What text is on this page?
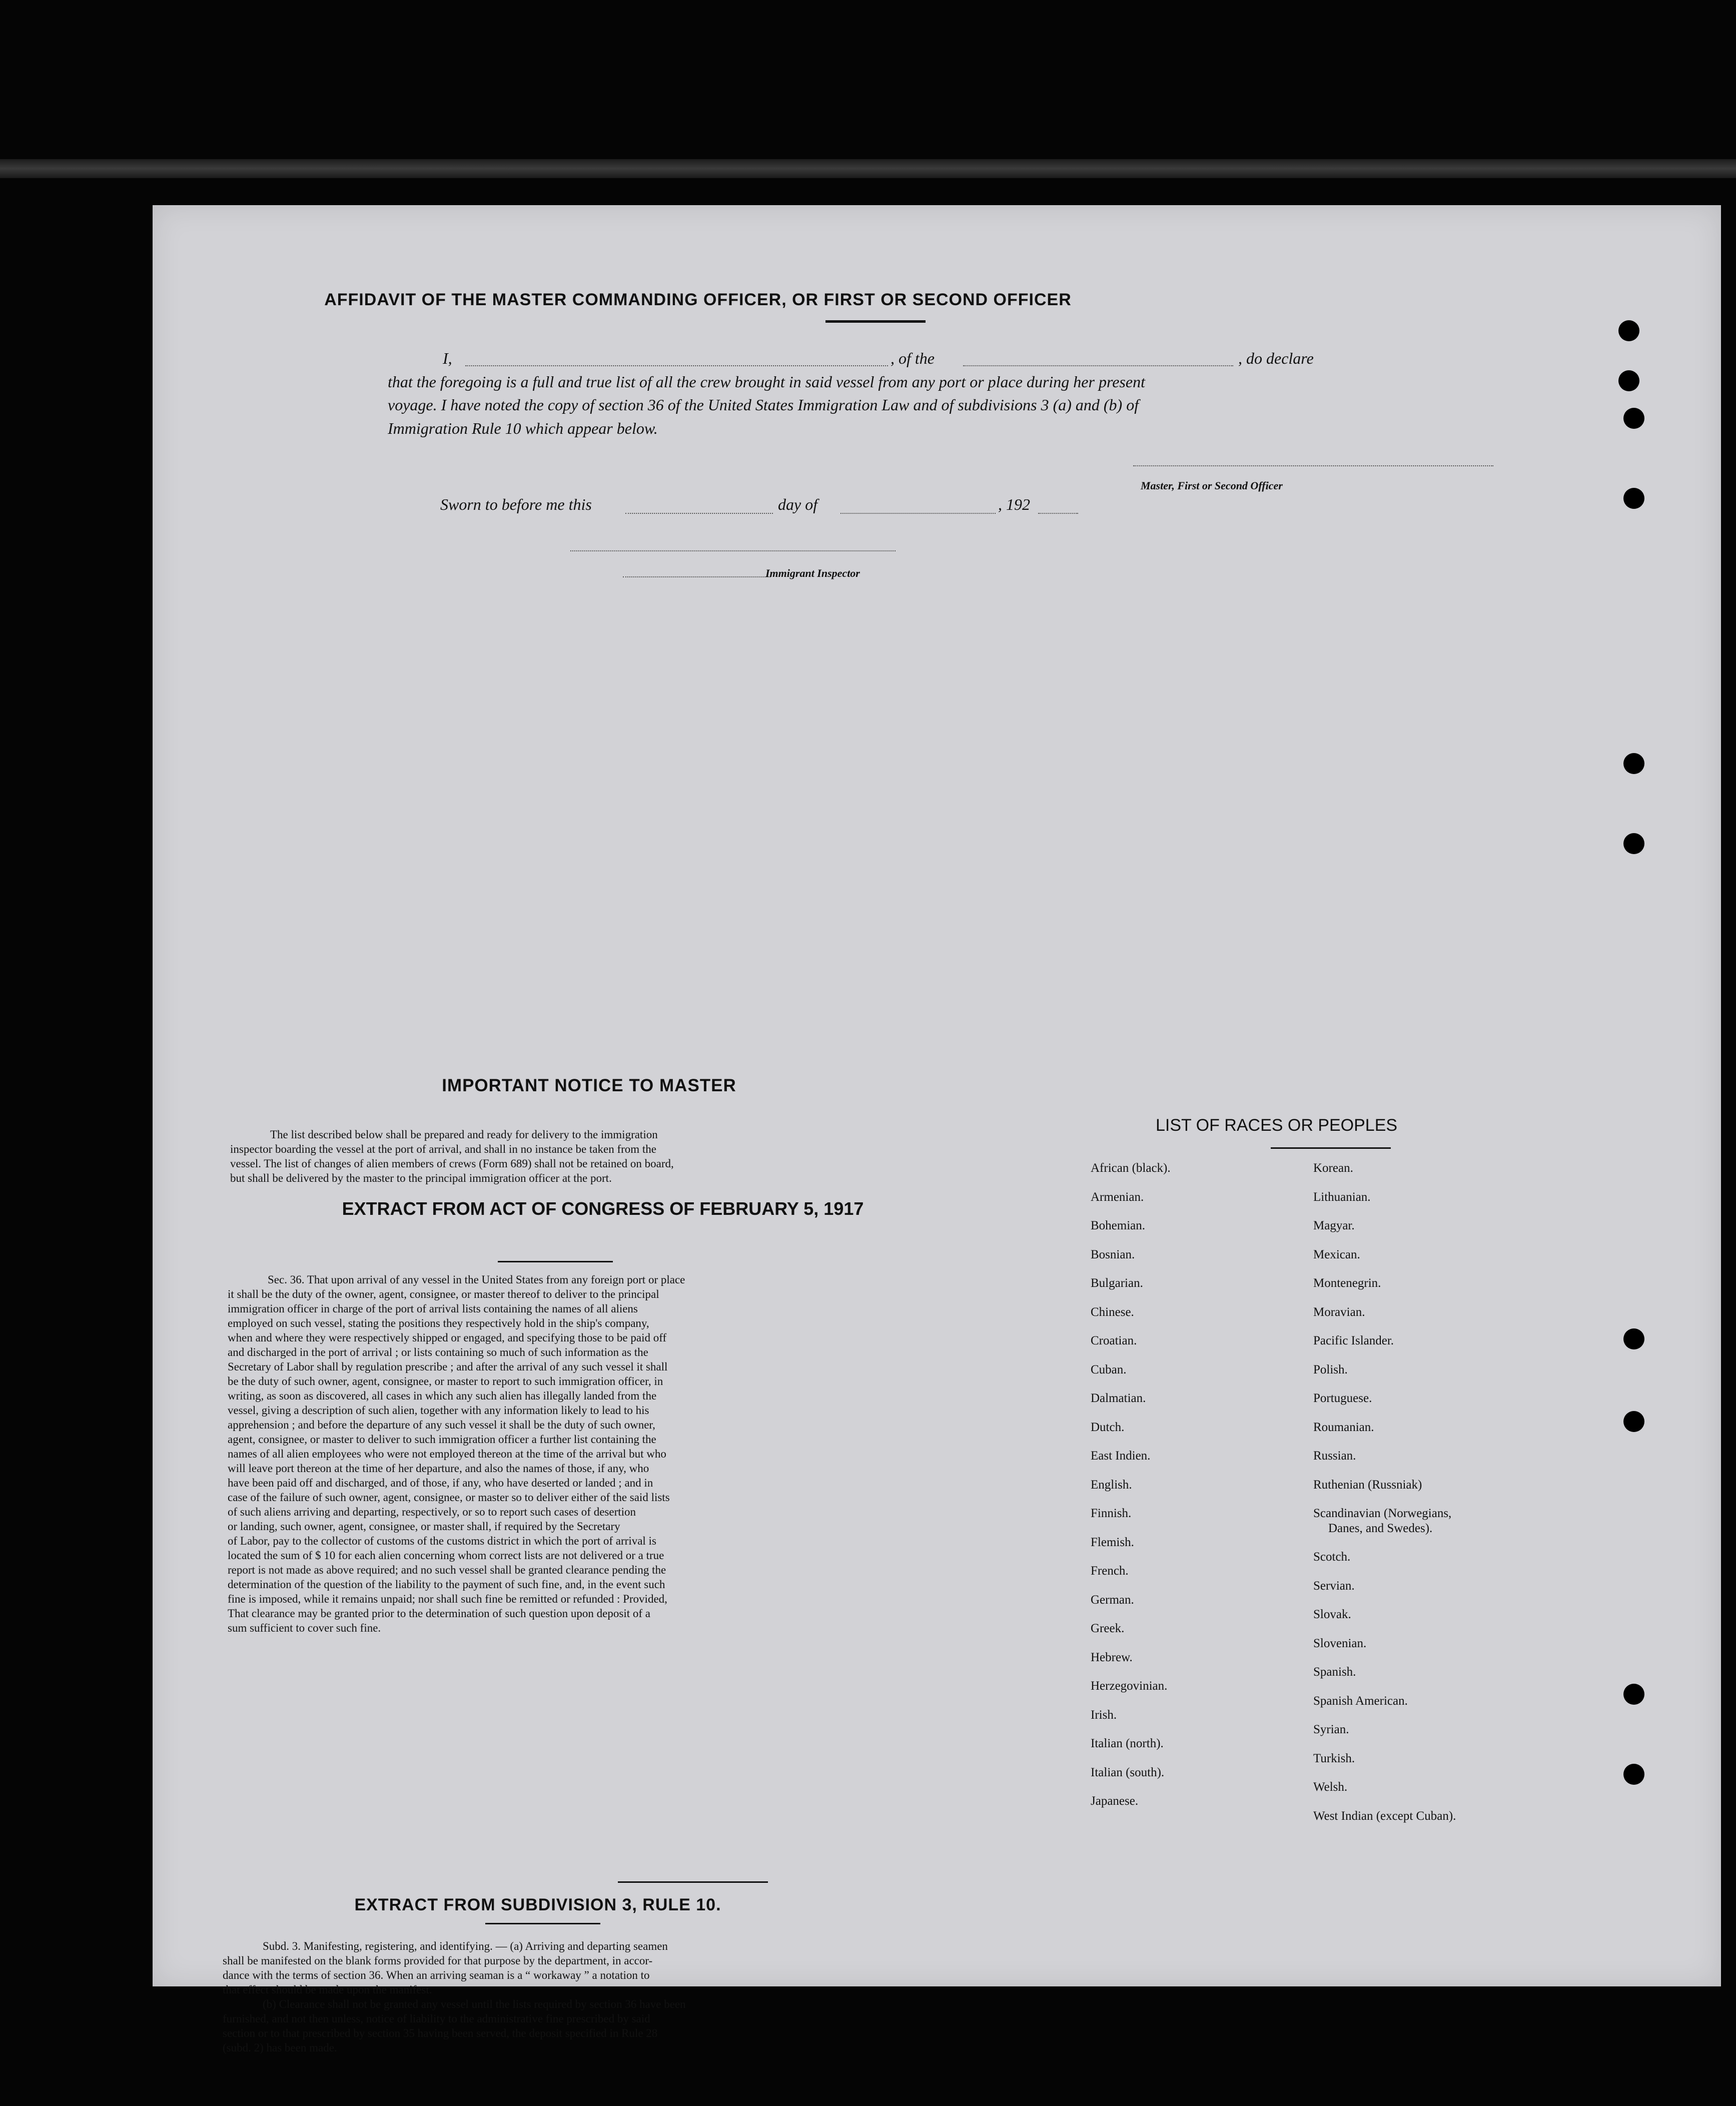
AFFIDAVIT OF THE MASTER COMMANDING OFFICER, OR FIRST OR SECOND OFFICER
I,	, of the	, do declare
that the foregoing is a full and true list of all the crew brought in said vessel from any port or place during her present
voyage. I have noted the copy of section 36 of the United States Immigration Law and of subdivisions 3 (a) and (b) of
Immigration Rule 10 which appear below.
Master, First or Second Officer
Sworn to before me this	day of	, 192
Immigrant Inspector
IMPORTANT NOTICE TO MASTER
The list described below shall be prepared and ready for delivery to the immigration
inspector boarding the vessel at the port of arrival, and shall in no instance be taken from the
vessel. The list of changes of alien members of crews (Form 689) shall not be retained on board,
but shall be delivered by the master to the principal immigration officer at the port.
EXTRACT FROM ACT OF CONGRESS OF FEBRUARY 5, 1917
Sec. 36. That upon arrival of any vessel in the United States from any foreign port or place
it shall be the duty of the owner, agent, consignee, or master thereof to deliver to the principal
immigration officer in charge of the port of arrival lists containing the names of all aliens
employed on such vessel, stating the positions they respectively hold in the ship's company,
when and where they were respectively shipped or engaged, and specifying those to be paid off
and discharged in the port of arrival ; or lists containing so much of such information as the
Secretary of Labor shall by regulation prescribe ; and after the arrival of any such vessel it shall
be the duty of such owner, agent, consignee, or master to report to such immigration officer, in
writing, as soon as discovered, all cases in which any such alien has illegally landed from the
vessel, giving a description of such alien, together with any information likely to lead to his
apprehension ; and before the departure of any such vessel it shall be the duty of such owner,
agent, consignee, or master to deliver to such immigration officer a further list containing the
names of all alien employees who were not employed thereon at the time of the arrival but who
will leave port thereon at the time of her departure, and also the names of those, if any, who
have been paid off and discharged, and of those, if any, who have deserted or landed ; and in
case of the failure of such owner, agent, consignee, or master so to deliver either of the said lists
of such aliens arriving and departing, respectively, or so to report such cases of desertion
or landing, such owner, agent, consignee, or master shall, if required by the Secretary
of Labor, pay to the collector of customs of the customs district in which the port of arrival is
located the sum of $ 10 for each alien concerning whom correct lists are not delivered or a true
report is not made as above required; and no such vessel shall be granted clearance pending the
determination of the question of the liability to the payment of such fine, and, in the event such
fine is imposed, while it remains unpaid; nor shall such fine be remitted or refunded : Provided,
That clearance may be granted prior to the determination of such question upon deposit of a
sum sufficient to cover such fine.
EXTRACT FROM SUBDIVISION 3, RULE 10.
Subd. 3. Manifesting, registering, and identifying. — (a) Arriving and departing seamen
shall be manifested on the blank forms provided for that purpose by the department, in accor-
dance with the terms of section 36. When an arriving seaman is a “ workaway ” a notation to
that effect should be made upon the manifest.
(b) Clearance shall not be granted any vessel until the lists required by section 36 have been
furnished, and not then unless, notice of liability to the administrative fine prescribed by said
section or to that prescribed by section 35 having been served, the deposit specified in Rule 28
(subd. 2) has been made.
LIST OF RACES OR PEOPLES
African (black).
Armenian.
Bohemian.
Bosnian.
Bulgarian.
Chinese.
Croatian.
Cuban.
Dalmatian.
Dutch.
East Indien.
English.
Finnish.
Flemish.
French.
German.
Greek.
Hebrew.
Herzegovinian.
Irish.
Italian (north).
Italian (south).
Japanese.
Korean.
Lithuanian.
Magyar.
Mexican.
Montenegrin.
Moravian.
Pacific Islander.
Polish.
Portuguese.
Roumanian.
Russian.
Ruthenian (Russniak)
Scandinavian (Norwegians,
Danes, and Swedes).
Scotch.
Servian.
Slovak.
Slovenian.
Spanish.
Spanish American.
Syrian.
Turkish.
Welsh.
West Indian (except Cuban).
